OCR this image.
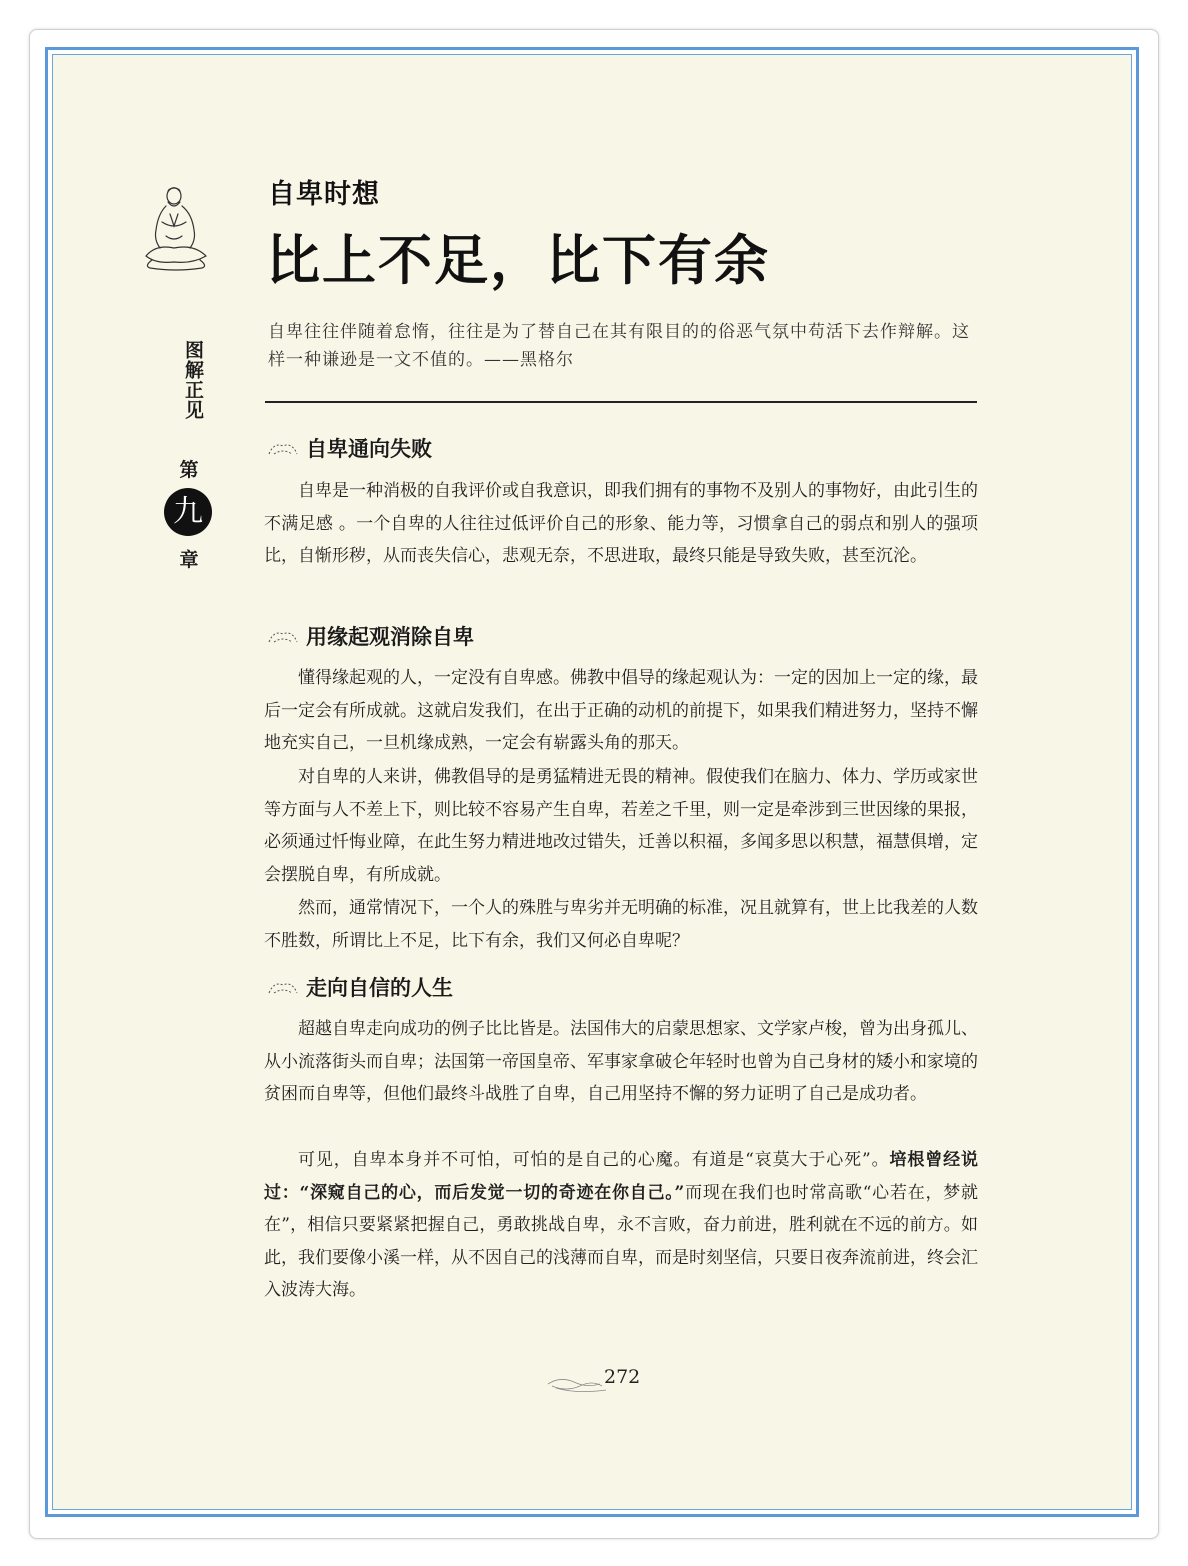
图解正见
第
九
章
自卑时想
比上不足，比下有余
自卑往往伴随着怠惰，往往是为了替自己在其有限目的的俗恶气氛中苟活下去作辩解。这样一种谦逊是一文不值的。——黑格尔
自卑通向失败

自卑是一种消极的自我评价或自我意识，即我们拥有的事物不及别人的事物好，由此引生的不满足感 。一个自卑的人往往过低评价自己的形象、能力等，习惯拿自己的弱点和别人的强项比，自惭形秽，从而丧失信心，悲观无奈，不思进取，最终只能是导致失败，甚至沉沦。

用缘起观消除自卑

懂得缘起观的人，一定没有自卑感。佛教中倡导的缘起观认为：一定的因加上一定的缘，最后一定会有所成就。这就启发我们，在出于正确的动机的前提下，如果我们精进努力，坚持不懈地充实自己，一旦机缘成熟，一定会有崭露头角的那天。

对自卑的人来讲，佛教倡导的是勇猛精进无畏的精神。假使我们在脑力、体力、学历或家世等方面与人不差上下，则比较不容易产生自卑，若差之千里，则一定是牵涉到三世因缘的果报，必须通过忏悔业障，在此生努力精进地改过错失，迁善以积福，多闻多思以积慧，福慧俱增，定会摆脱自卑，有所成就。

然而，通常情况下，一个人的殊胜与卑劣并无明确的标准，况且就算有，世上比我差的人数不胜数，所谓比上不足，比下有余，我们又何必自卑呢？

走向自信的人生

超越自卑走向成功的例子比比皆是。法国伟大的启蒙思想家、文学家卢梭，曾为出身孤儿、从小流落街头而自卑；法国第一帝国皇帝、军事家拿破仑年轻时也曾为自己身材的矮小和家境的贫困而自卑等，但他们最终斗战胜了自卑，自己用坚持不懈的努力证明了自己是成功者。

可见，自卑本身并不可怕，可怕的是自己的心魔。有道是“哀莫大于心死”。培根曾经说过：“深窥自己的心，而后发觉一切的奇迹在你自己。”而现在我们也时常高歌“心若在，梦就在”，相信只要紧紧把握自己，勇敢挑战自卑，永不言败，奋力前进，胜利就在不远的前方。如此，我们要像小溪一样，从不因自己的浅薄而自卑，而是时刻坚信，只要日夜奔流前进，终会汇入波涛大海。

272
